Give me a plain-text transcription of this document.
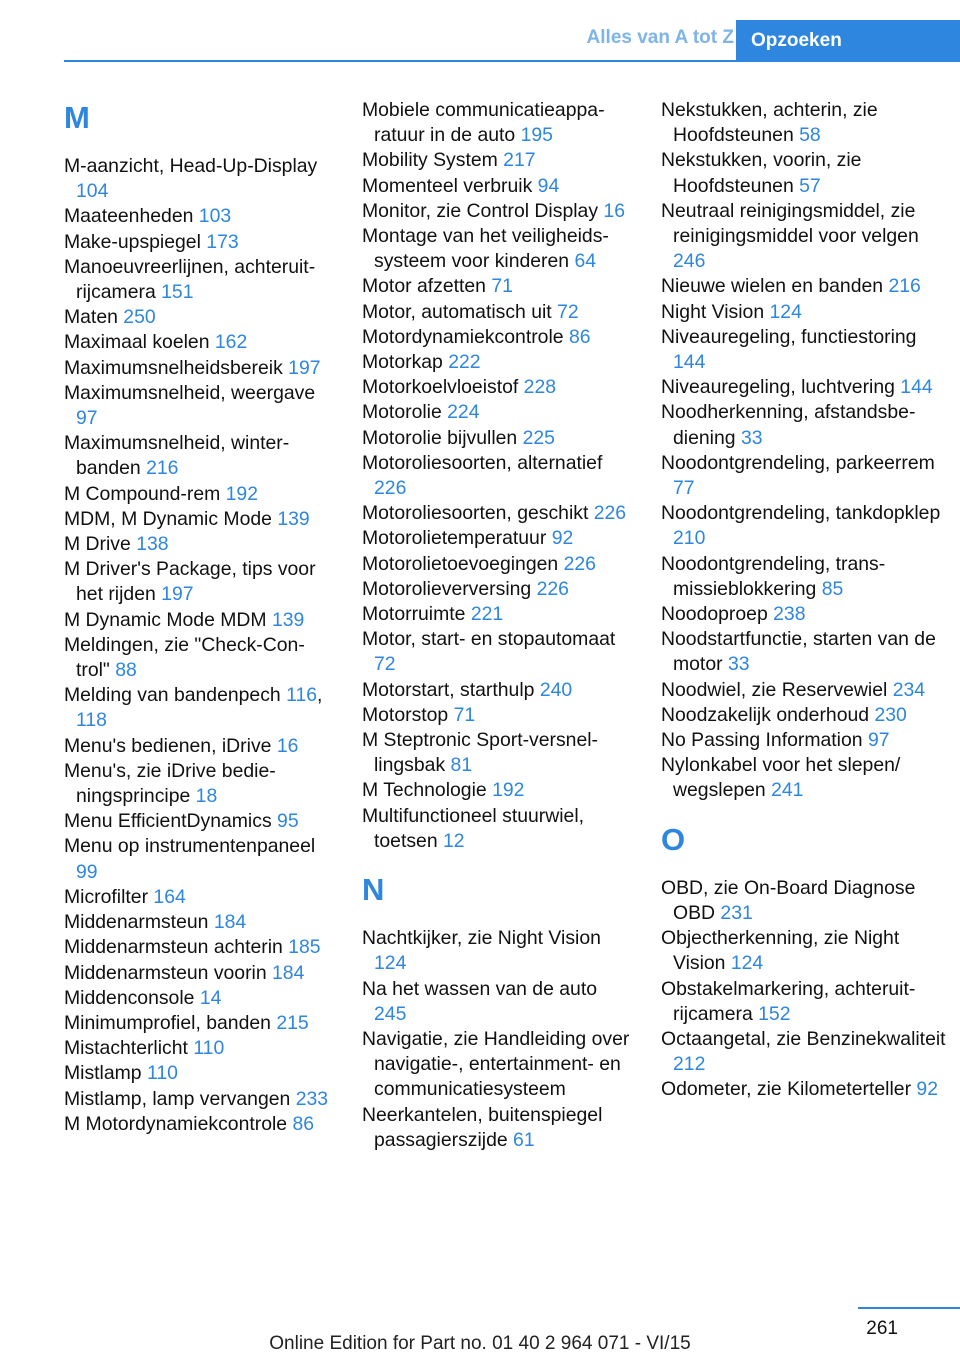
Alles van A tot Z Opzoeken
M
M-aanzicht, Head-Up-Display 104
Maateenheden 103
Make-upspiegel 173
Manoeuvreerlijnen, achteruitrijcamera 151
Maten 250
Maximaal koelen 162
Maximumsnelheidsbereik 197
Maximumsnelheid, weergave 97
Maximumsnelheid, winterbanden 216
M Compound-rem 192
MDM, M Dynamic Mode 139
M Drive 138
M Driver's Package, tips voor het rijden 197
M Dynamic Mode MDM 139
Meldingen, zie "Check-Control" 88
Melding van bandenpech 116, 118
Menu's bedienen, iDrive 16
Menu's, zie iDrive bedieningsprincipe 18
Menu EfficientDynamics 95
Menu op instrumentenpaneel 99
Microfilter 164
Middenarmsteun 184
Middenarmsteun achterin 185
Middenarmsteun voorin 184
Middenconsole 14
Minimumprofiel, banden 215
Mistachterlicht 110
Mistlamp 110
Mistlamp, lamp vervangen 233
M Motordynamiekcontrole 86
Mobiele communicatieapparatuur in de auto 195
Mobility System 217
Momenteel verbruik 94
Monitor, zie Control Display 16
Montage van het veiligheidssysteem voor kinderen 64
Motor afzetten 71
Motor, automatisch uit 72
Motordynamiekcontrole 86
Motorkap 222
Motorkoelvloeistof 228
Motorolie 224
Motorolie bijvullen 225
Motoroliesoorten, alternatief 226
Motoroliesoorten, geschikt 226
Motorolietemperatuur 92
Motorolietoevoegingen 226
Motorolieverversing 226
Motorruimte 221
Motor, start- en stopautomaat 72
Motorstart, starthulp 240
Motorstop 71
M Steptronic Sport-versnellingsbak 81
M Technologie 192
Multifunctioneel stuurwiel, toetsen 12
N
Nachtkijker, zie Night Vision 124
Na het wassen van de auto 245
Navigatie, zie Handleiding over navigatie-, entertainment- en communicatiesysteem
Neerkantelen, buitenspiegel passagierszijde 61
Nekstukken, achterin, zie Hoofdsteunen 58
Nekstukken, voorin, zie Hoofdsteunen 57
Neutraal reinigingsmiddel, zie reinigingsmiddel voor velgen 246
Nieuwe wielen en banden 216
Night Vision 124
Niveauregeling, functiestoring 144
Niveauregeling, luchtvering 144
Noodherkenning, afstandsbediening 33
Noodontgrendeling, parkeerrem 77
Noodontgrendeling, tankdopklep 210
Noodontgrendeling, transmissieblokkering 85
Noodoproep 238
Noodstartfunctie, starten van de motor 33
Noodwiel, zie Reservewiel 234
Noodzakelijk onderhoud 230
No Passing Information 97
Nylonkabel voor het slepen/ wegslepen 241
O
OBD, zie On-Board Diagnose OBD 231
Objectherkenning, zie Night Vision 124
Obstakelmarkering, achteruitrijcamera 152
Octaangetal, zie Benzinekwaliteit 212
Odometer, zie Kilometerteller 92
261
Online Edition for Part no. 01 40 2 964 071 - VI/15
